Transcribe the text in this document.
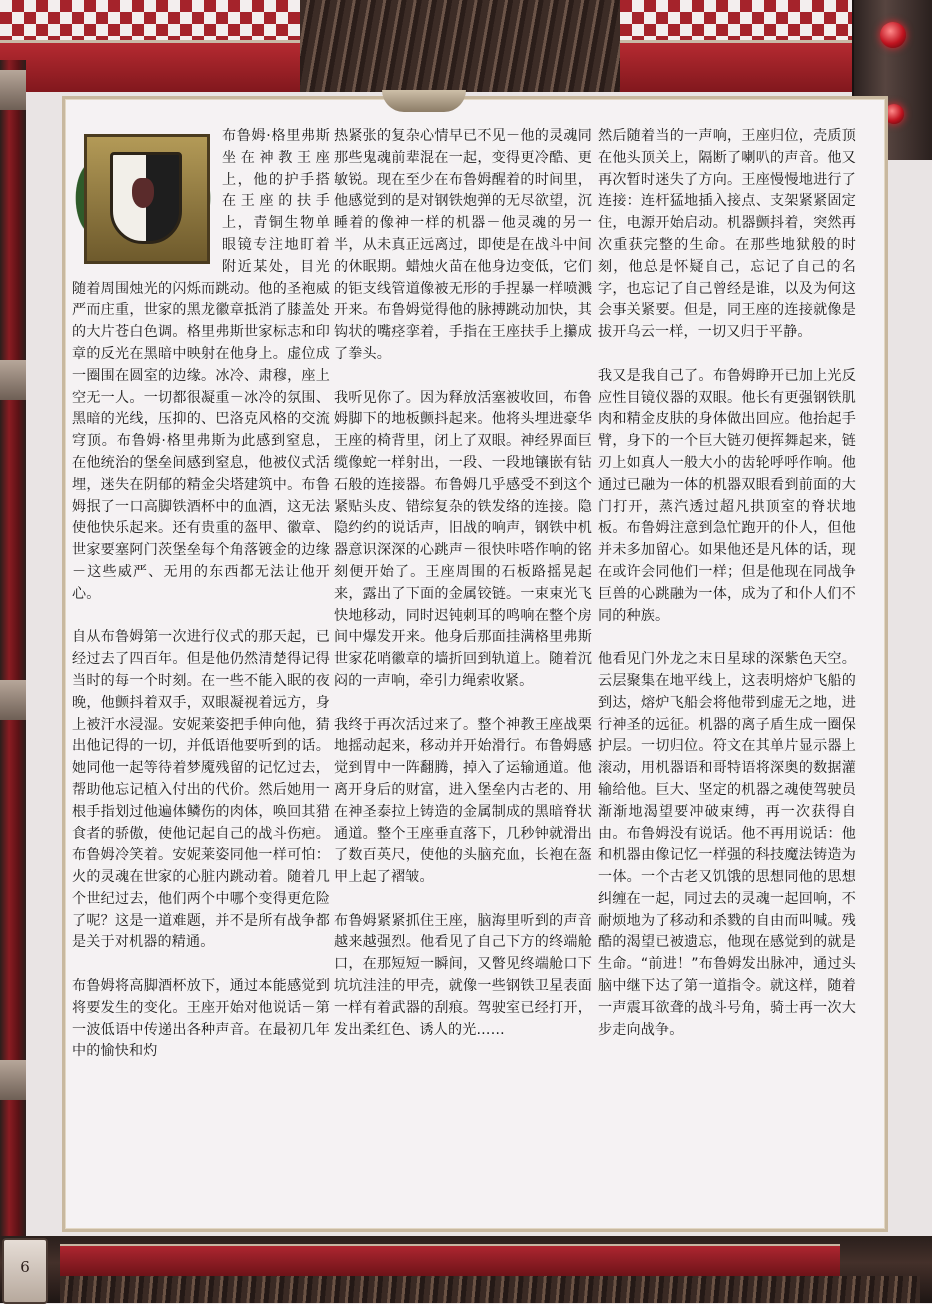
6

布鲁姆·格里弗斯坐在神教王座上，他的护手搭在王座的扶手上，青铜生物单眼镜专注地盯着附近某处，目光随着周围烛光的闪烁而跳动。他的圣袍威严而庄重，世家的黑龙徽章抵消了膝盖处的大片苍白色调。格里弗斯世家标志和印章的反光在黑暗中映射在他身上。虚位成一圈围在圆室的边缘。冰冷、肃穆，座上空无一人。一切都很凝重－冰冷的氛围、黑暗的光线，压抑的、巴洛克风格的交流穹顶。布鲁姆·格里弗斯为此感到窒息，在他统治的堡垒间感到窒息，他被仪式活埋，迷失在阴郁的精金尖塔建筑中。布鲁姆抿了一口高脚铁酒杯中的血酒，这无法使他快乐起来。还有贵重的盔甲、徽章、世家要塞阿门茨堡垒每个角落镀金的边缘－这些威严、无用的东西都无法让他开心。

自从布鲁姆第一次进行仪式的那天起，已经过去了四百年。但是他仍然清楚得记得当时的每一个时刻。在一些不能入眠的夜晚，他颤抖着双手，双眼凝视着远方，身上被汗水浸湿。安妮莱姿把手伸向他，猜出他记得的一切，并低语他要听到的话。她同他一起等待着梦魇残留的记忆过去，帮助他忘记植入付出的代价。然后她用一根手指划过他遍体鳞伤的肉体，唤回其猎食者的骄傲，使他记起自己的战斗伤疤。布鲁姆冷笑着。安妮莱姿同他一样可怕：火的灵魂在世家的心脏内跳动着。随着几个世纪过去，他们两个中哪个变得更危险了呢？这是一道难题，并不是所有战争都是关于对机器的精通。

布鲁姆将高脚酒杯放下，通过本能感觉到将要发生的变化。王座开始对他说话－第一波低语中传递出各种声音。在最初几年中的愉快和灼

热紧张的复杂心情早已不见－他的灵魂同那些鬼魂前辈混在一起，变得更冷酷、更敏锐。现在至少在布鲁姆醒着的时间里，他感觉到的是对钢铁炮弹的无尽欲望，沉睡着的像神一样的机器－他灵魂的另一半，从未真正远离过，即使是在战斗中间的休眠期。蜡烛火苗在他身边变低，它们的钜支线管道像被无形的手捏暴一样喷溅开来。布鲁姆觉得他的脉搏跳动加快，其钩状的嘴痉挛着，手指在王座扶手上攥成了拳头。

我听见你了。因为释放活塞被收回，布鲁姆脚下的地板颤抖起来。他将头埋进豪华王座的椅背里，闭上了双眼。神经界面巨缆像蛇一样射出，一段、一段地镶嵌有钻石般的连接器。布鲁姆几乎感受不到这个紧贴头皮、错综复杂的铁发络的连接。隐隐约约的说话声，旧战的响声，钢铁中机器意识深深的心跳声－很快咔嗒作响的铭刻便开始了。王座周围的石板路摇晃起来，露出了下面的金属铰链。一束束光飞快地移动，同时迟钝刺耳的鸣响在整个房间中爆发开来。他身后那面挂满格里弗斯世家花哨徽章的墙折回到轨道上。随着沉闷的一声响，牵引力绳索收紧。

我终于再次活过来了。整个神教王座战栗地摇动起来，移动并开始滑行。布鲁姆感觉到胃中一阵翻腾，掉入了运输通道。他离开身后的财富，进入堡垒内古老的、用在神圣泰拉上铸造的金属制成的黑暗脊状通道。整个王座垂直落下，几秒钟就滑出了数百英尺，使他的头脑充血，长袍在盔甲上起了褶皱。

布鲁姆紧紧抓住王座，脑海里听到的声音越来越强烈。他看见了自己下方的终端舱口，在那短短一瞬间，又瞥见终端舱口下坑坑洼洼的甲壳，就像一些钢铁卫星表面一样有着武器的刮痕。驾驶室已经打开，发出柔红色、诱人的光……

然后随着当的一声响，王座归位，壳质顶在他头顶关上，隔断了喇叭的声音。他又再次暂时迷失了方向。王座慢慢地进行了连接：连杆猛地插入接点、支架紧紧固定住，电源开始启动。机器颤抖着，突然再次重获完整的生命。在那些地狱般的时刻，他总是怀疑自己，忘记了自己的名字，也忘记了自己曾经是谁，以及为何这会事关紧要。但是，同王座的连接就像是拔开乌云一样，一切又归于平静。

我又是我自己了。布鲁姆睁开已加上光反应性目镜仪器的双眼。他长有更强钢铁肌肉和精金皮肤的身体做出回应。他抬起手臂，身下的一个巨大链刃便挥舞起来，链刃上如真人一般大小的齿轮呼呼作响。他通过已融为一体的机器双眼看到前面的大门打开，蒸汽透过超凡拱顶室的脊状地板。布鲁姆注意到急忙跑开的仆人，但他并未多加留心。如果他还是凡体的话，现在或许会同他们一样；但是他现在同战争巨兽的心跳融为一体，成为了和仆人们不同的种族。

他看见门外龙之末日星球的深紫色天空。云层聚集在地平线上，这表明熔炉飞船的到达，熔炉飞船会将他带到虚无之地，进行神圣的远征。机器的离子盾生成一圈保护层。一切归位。符文在其单片显示器上滚动，用机器语和哥特语将深奥的数据灌输给他。巨大、坚定的机器之魂使驾驶员渐渐地渴望要冲破束缚，再一次获得自由。布鲁姆没有说话。他不再用说话：他和机器由像记忆一样强的科技魔法铸造为一体。一个古老又饥饿的思想同他的思想纠缠在一起，同过去的灵魂一起回响，不耐烦地为了移动和杀戮的自由而叫喊。残酷的渴望已被遗忘，他现在感觉到的就是生命。“前进！”布鲁姆发出脉冲，通过头脑中继下达了第一道指令。就这样，随着一声震耳欲聋的战斗号角，骑士再一次大步走向战争。
